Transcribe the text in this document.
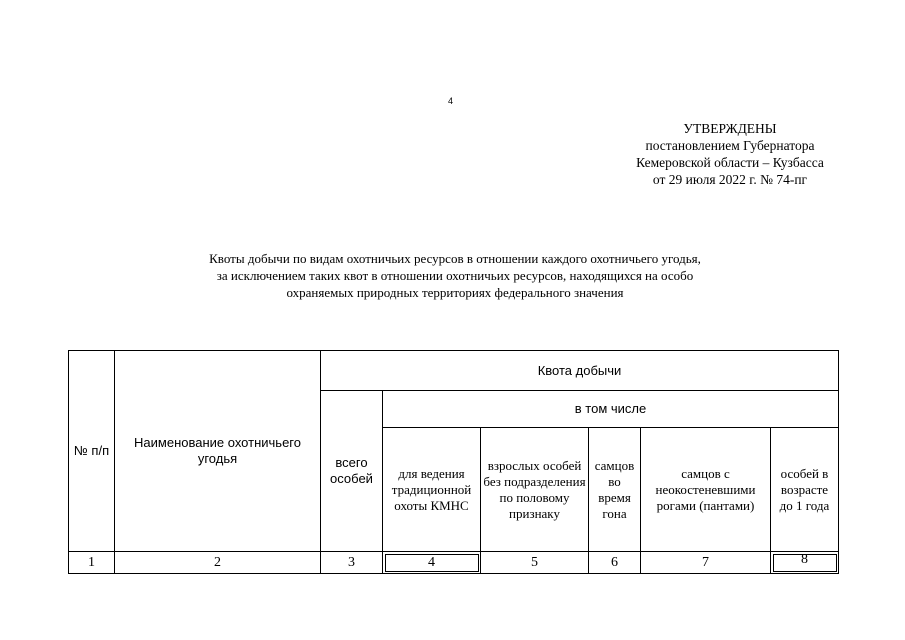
4
УТВЕРЖДЕНЫ
постановлением Губернатора
Кемеровской области – Кузбасса
от 29 июля 2022 г. № 74-пг
Квоты добычи по видам охотничьих ресурсов в отношении каждого охотничьего угодья,
за исключением таких квот в отношении охотничьих ресурсов, находящихся на особо
охраняемых природных территориях федерального значения
№ п/п	Наименование охотничьего угодья	Квота добычи					
		всего особей	в том числе				
			для ведения традиционной охоты КМНС	взрослых особей без подразделения по половому признаку	самцов во время гона	самцов с неокостеневшими рогами (пантами)	особей в возрасте до 1 года
1	2	3	4	5	6	7	8
